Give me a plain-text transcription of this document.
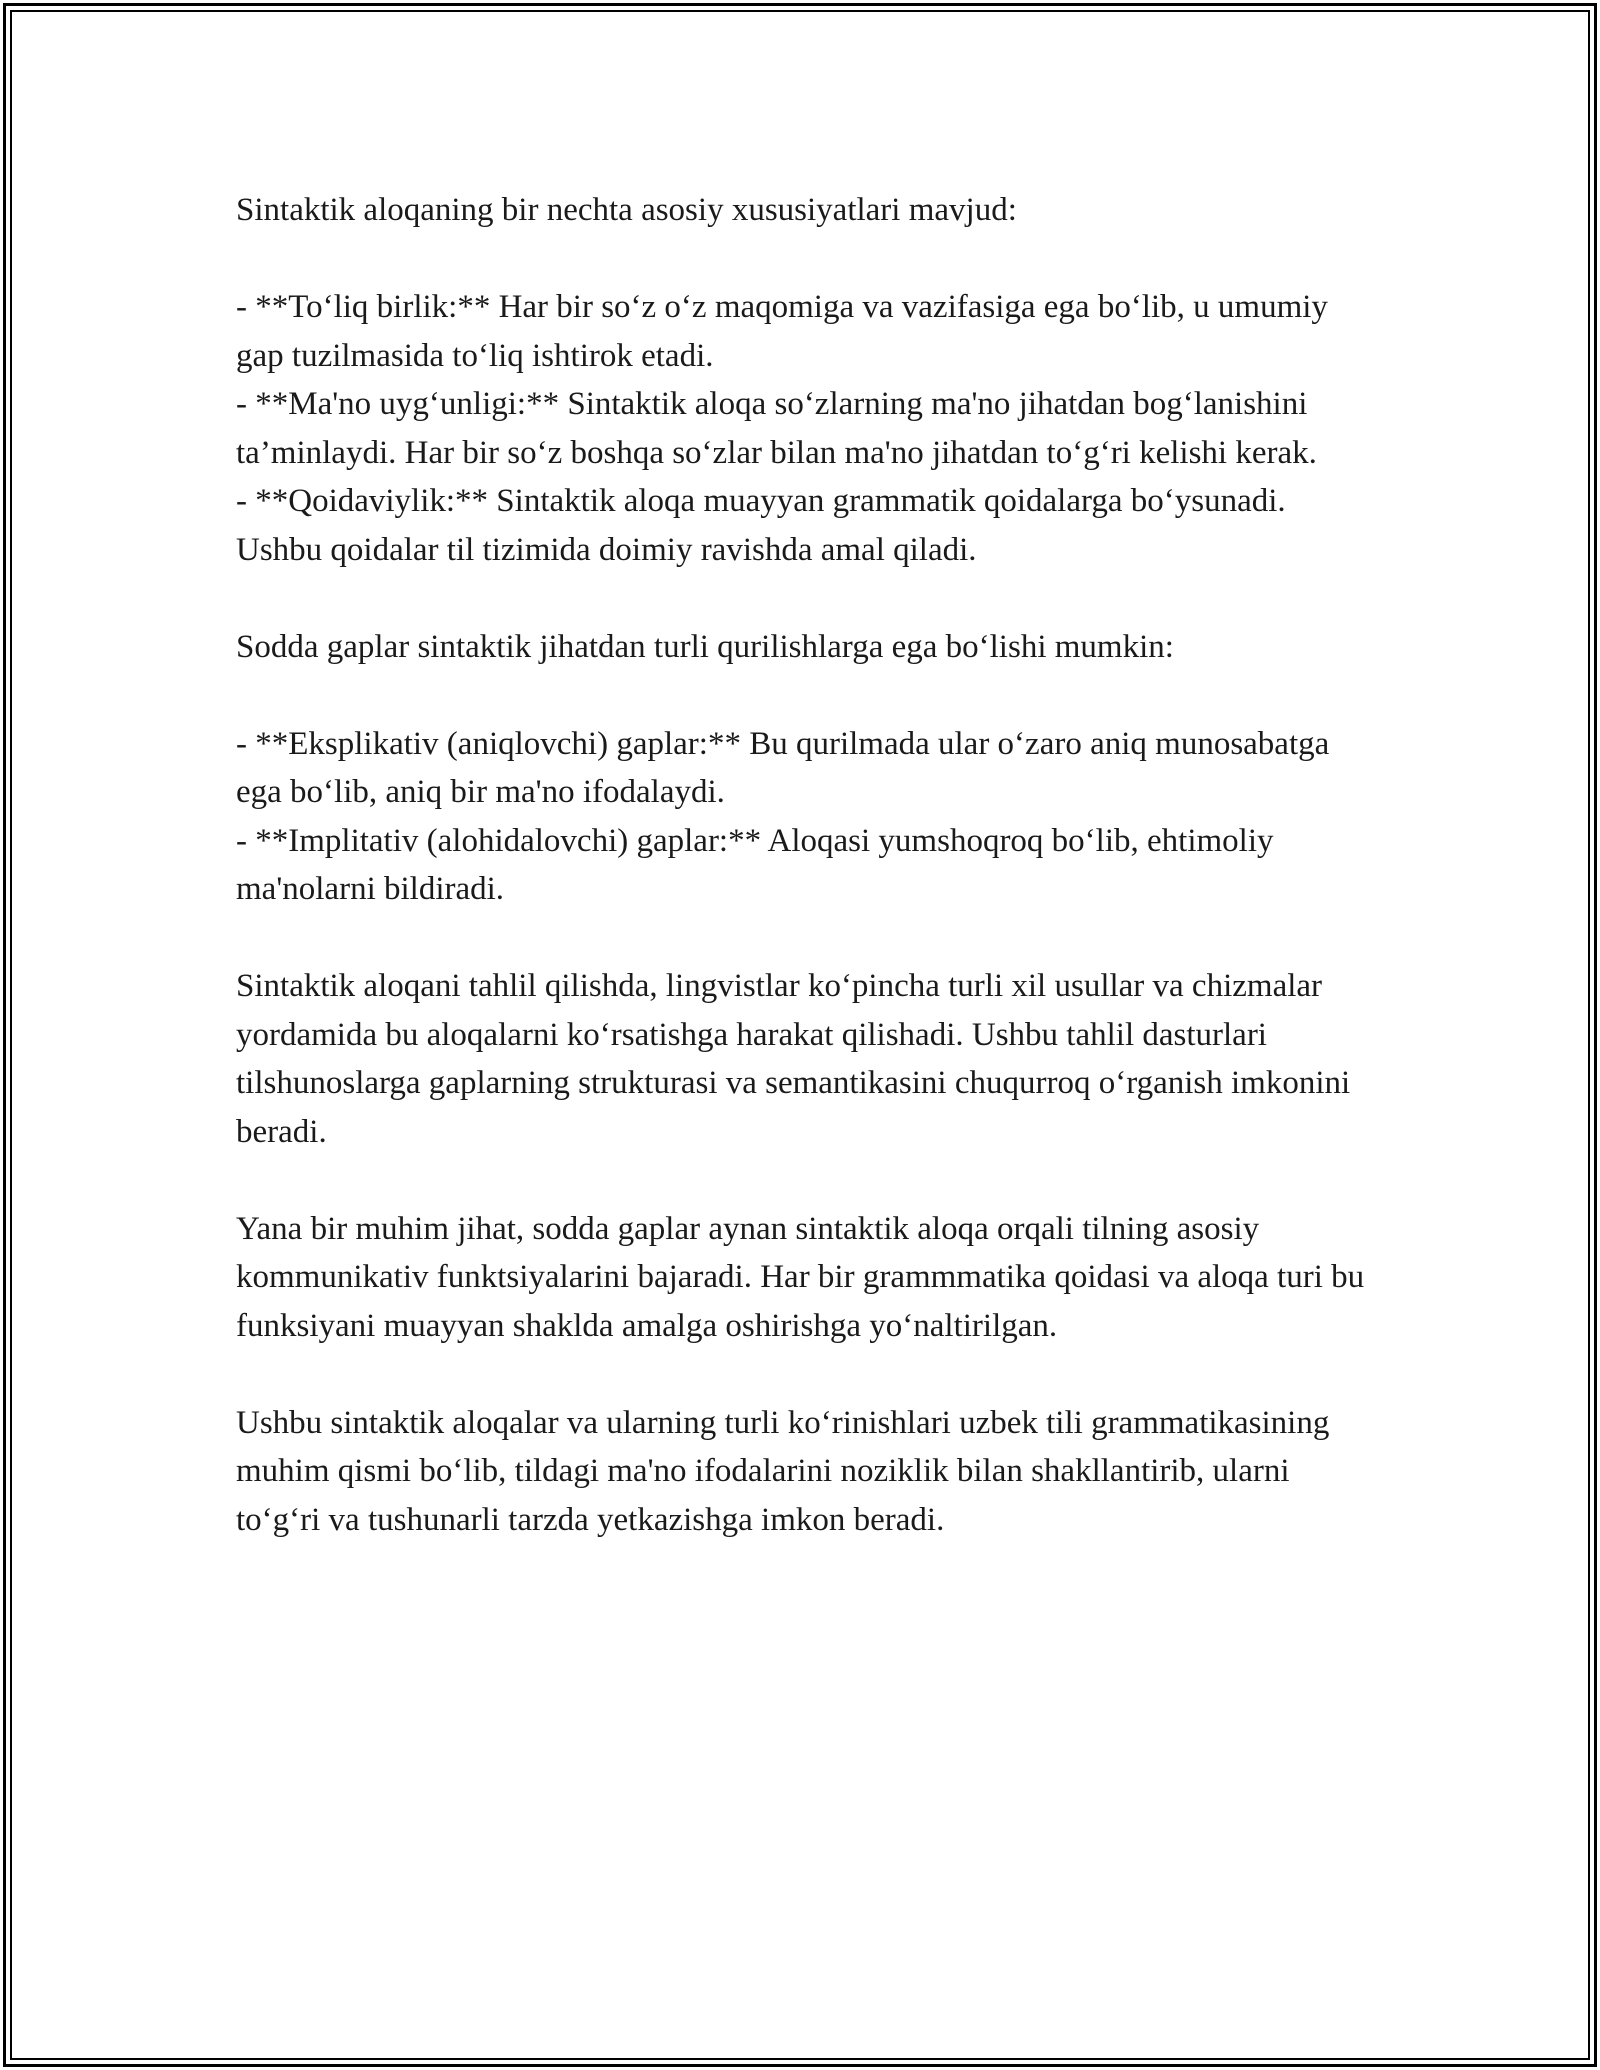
Sintaktik aloqaning bir nechta asosiy xususiyatlari mavjud:

- **To‘liq birlik:** Har bir so‘z o‘z maqomiga va vazifasiga ega bo‘lib, u umumiy gap tuzilmasida to‘liq ishtirok etadi.
- **Ma'no uyg‘unligi:** Sintaktik aloqa so‘zlarning ma'no jihatdan bog‘lanishini ta’minlaydi. Har bir so‘z boshqa so‘zlar bilan ma'no jihatdan to‘g‘ri kelishi kerak.
- **Qoidaviylik:** Sintaktik aloqa muayyan grammatik qoidalarga bo‘ysunadi. Ushbu qoidalar til tizimida doimiy ravishda amal qiladi.

Sodda gaplar sintaktik jihatdan turli qurilishlarga ega bo‘lishi mumkin:

- **Eksplikativ (aniqlovchi) gaplar:** Bu qurilmada ular o‘zaro aniq munosabatga ega bo‘lib, aniq bir ma'no ifodalaydi.
- **Implitativ (alohidalovchi) gaplar:** Aloqasi yumshoqroq bo‘lib, ehtimoliy ma'nolarni bildiradi.

Sintaktik aloqani tahlil qilishda, lingvistlar ko‘pincha turli xil usullar va chizmalar yordamida bu aloqalarni ko‘rsatishga harakat qilishadi. Ushbu tahlil dasturlari tilshunoslarga gaplarning strukturasi va semantikasini chuqurroq o‘rganish imkonini beradi.

Yana bir muhim jihat, sodda gaplar aynan sintaktik aloqa orqali tilning asosiy kommunikativ funktsiyalarini bajaradi. Har bir grammmatika qoidasi va aloqa turi bu funksiyani muayyan shaklda amalga oshirishga yo‘naltirilgan.

Ushbu sintaktik aloqalar va ularning turli ko‘rinishlari uzbek tili grammatikasining muhim qismi bo‘lib, tildagi ma'no ifodalarini noziklik bilan shakllantirib, ularni to‘g‘ri va tushunarli tarzda yetkazishga imkon beradi.
